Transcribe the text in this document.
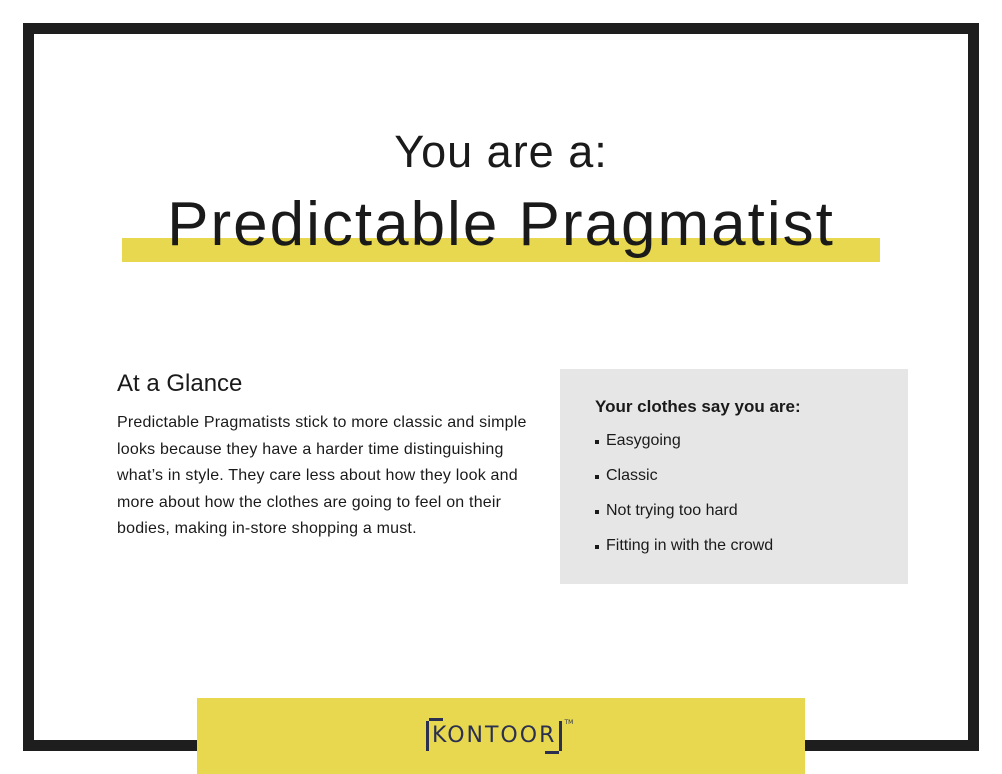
You are a:
Predictable Pragmatist
At a Glance

Predictable Pragmatists stick to more classic and simple looks because they have a harder time distinguishing what’s in style. They care less about how they look and more about how the clothes are going to feel on their bodies, making in-store shopping a must.

Your clothes say you are:
Easygoing
Classic
Not trying too hard
Fitting in with the crowd
KONTOOR
TM
